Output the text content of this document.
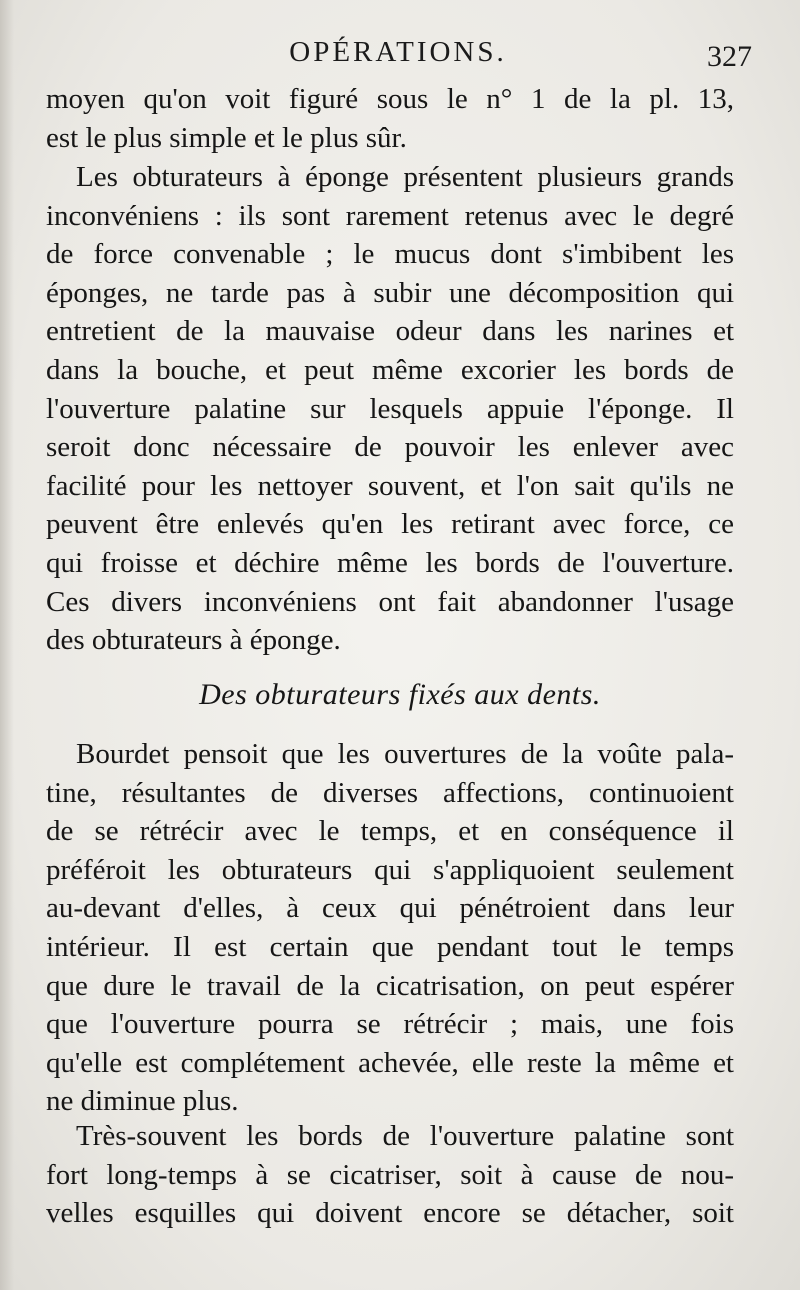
OPÉRATIONS.	327
moyen qu'on voit figuré sous le n° 1 de la pl. 13,
est le plus simple et le plus sûr.
Les obturateurs à éponge présentent plusieurs grands
inconvéniens : ils sont rarement retenus avec le degré
de force convenable ; le mucus dont s'imbibent les
éponges, ne tarde pas à subir une décomposition qui
entretient de la mauvaise odeur dans les narines et
dans la bouche, et peut même excorier les bords de
l'ouverture palatine sur lesquels appuie l'éponge. Il
seroit donc nécessaire de pouvoir les enlever avec
facilité pour les nettoyer souvent, et l'on sait qu'ils ne
peuvent être enlevés qu'en les retirant avec force, ce
qui froisse et déchire même les bords de l'ouverture.
Ces divers inconvéniens ont fait abandonner l'usage
des obturateurs à éponge.
Des obturateurs fixés aux dents.
Bourdet pensoit que les ouvertures de la voûte pala-
tine, résultantes de diverses affections, continuoient
de se rétrécir avec le temps, et en conséquence il
préféroit les obturateurs qui s'appliquoient seulement
au-devant d'elles, à ceux qui pénétroient dans leur
intérieur. Il est certain que pendant tout le temps
que dure le travail de la cicatrisation, on peut espérer
que l'ouverture pourra se rétrécir ; mais, une fois
qu'elle est complétement achevée, elle reste la même et
ne diminue plus.
Très-souvent les bords de l'ouverture palatine sont
fort long-temps à se cicatriser, soit à cause de nou-
velles esquilles qui doivent encore se détacher, soit
